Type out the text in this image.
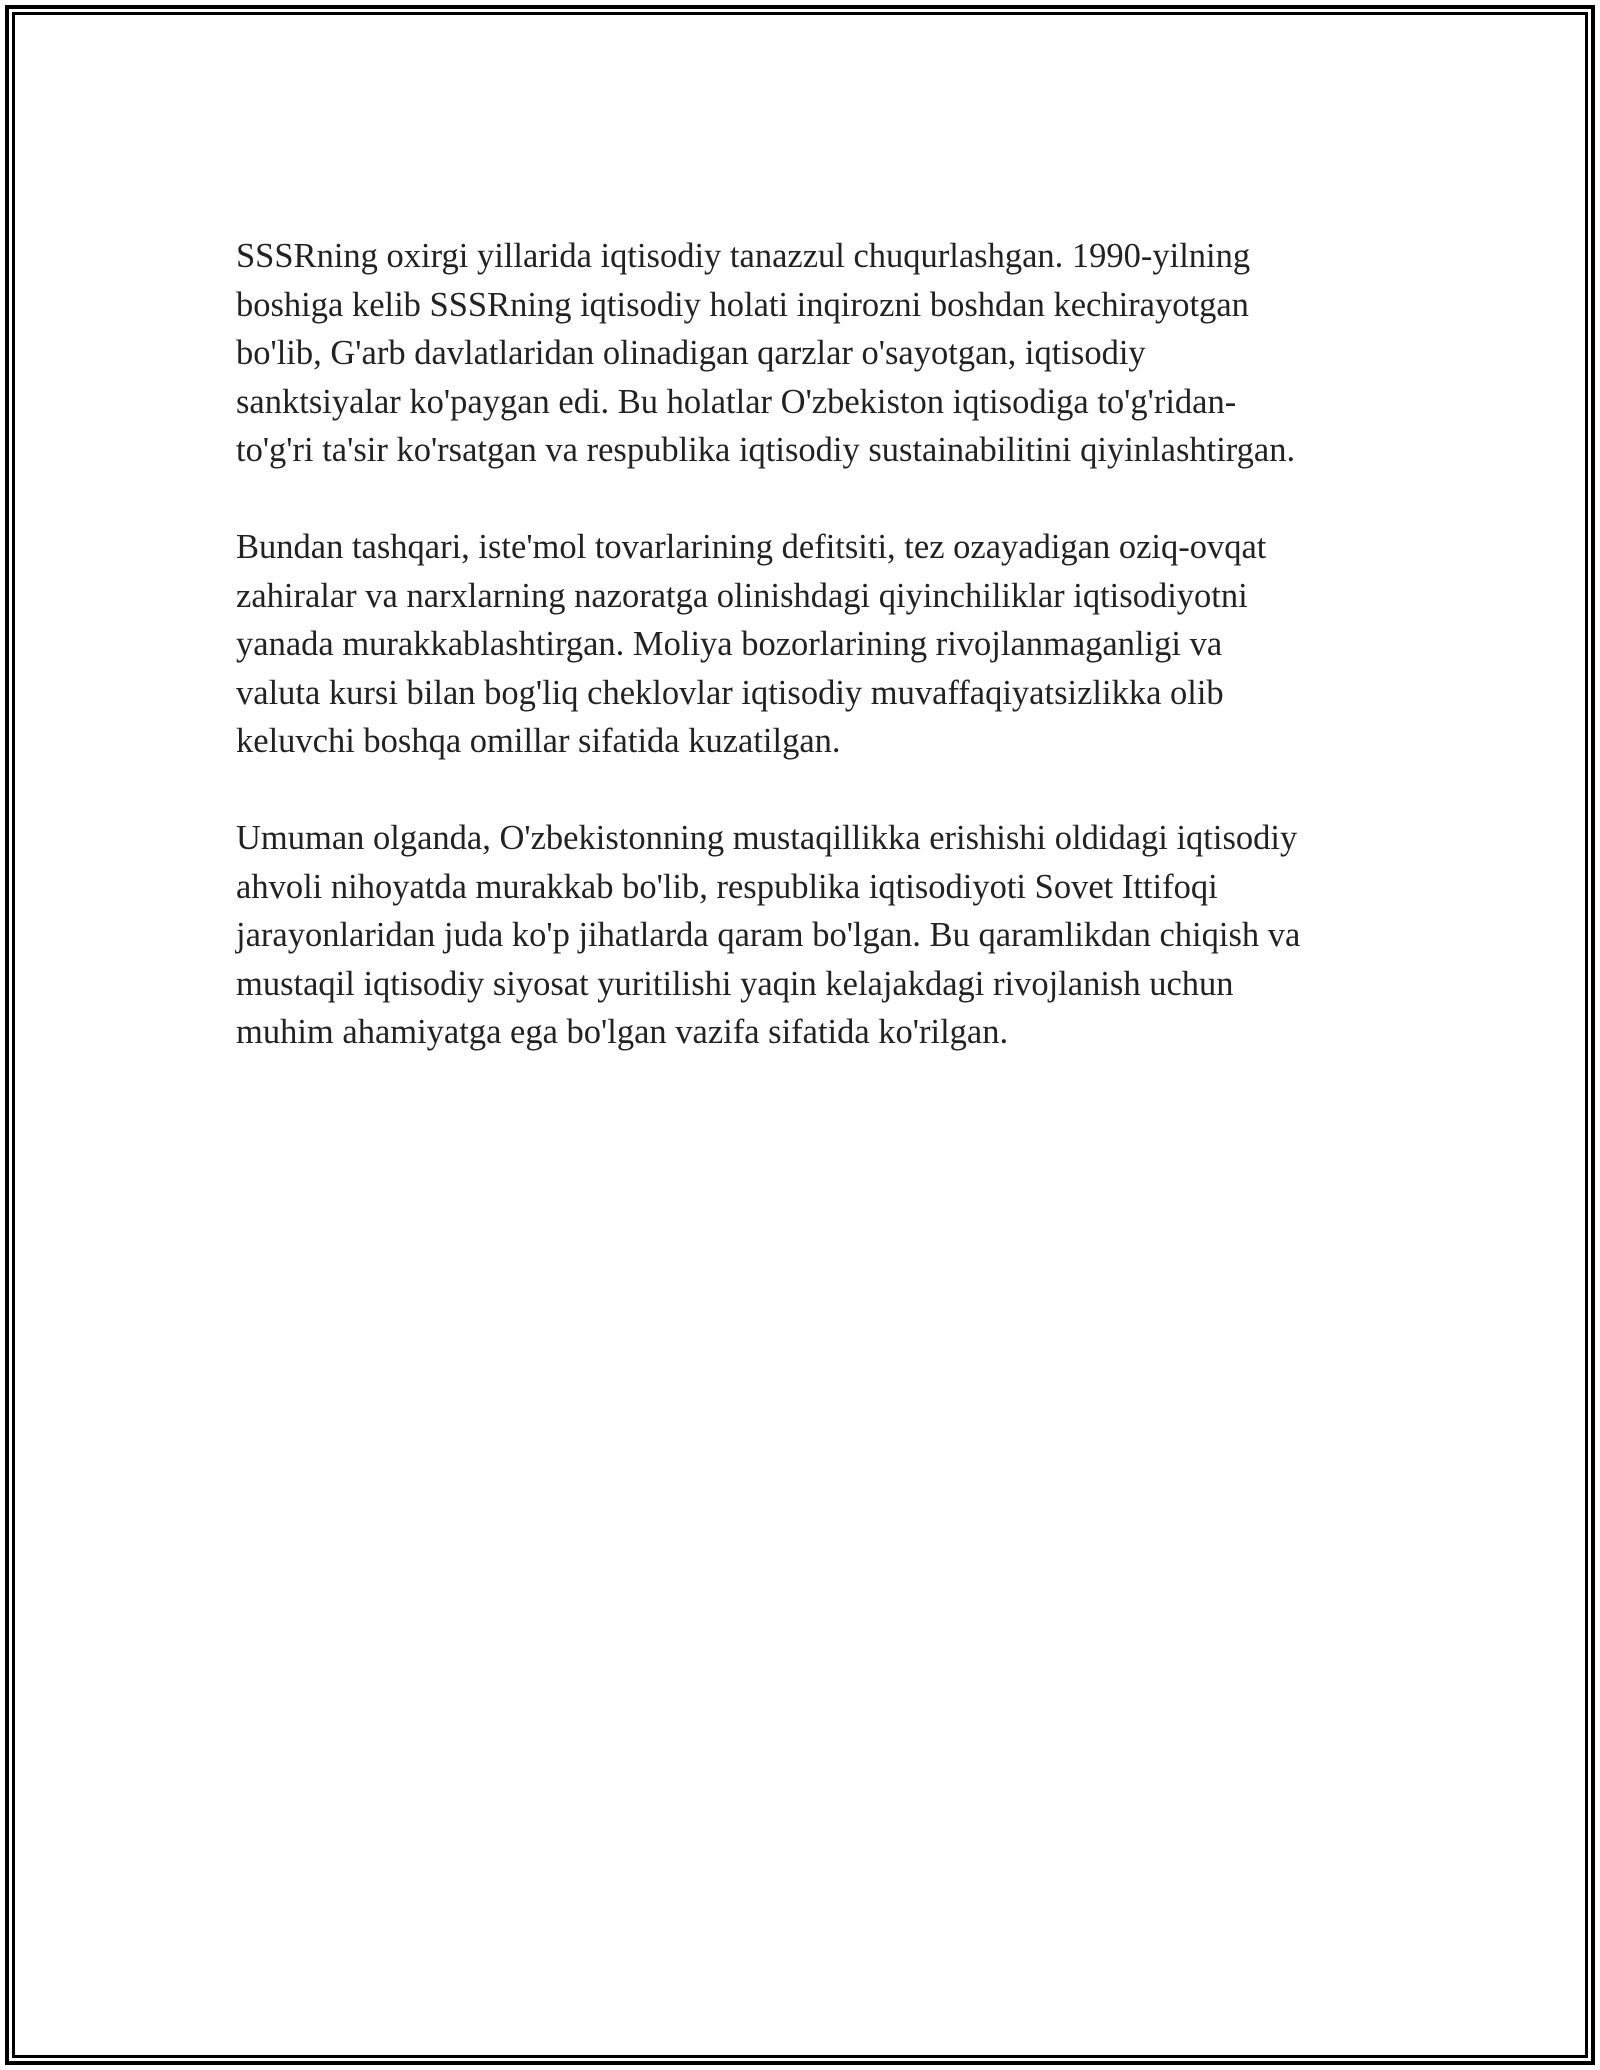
SSSRning oxirgi yillarida iqtisodiy tanazzul chuqurlashgan. 1990-yilning
boshiga kelib SSSRning iqtisodiy holati inqirozni boshdan kechirayotgan
bo'lib, G'arb davlatlaridan olinadigan qarzlar o'sayotgan, iqtisodiy
sanktsiyalar ko'paygan edi. Bu holatlar O'zbekiston iqtisodiga to'g'ridan-
to'g'ri ta'sir ko'rsatgan va respublika iqtisodiy sustainabilitini qiyinlashtirgan.

Bundan tashqari, iste'mol tovarlarining defitsiti, tez ozayadigan oziq-ovqat
zahiralar va narxlarning nazoratga olinishdagi qiyinchiliklar iqtisodiyotni
yanada murakkablashtirgan. Moliya bozorlarining rivojlanmaganligi va
valuta kursi bilan bog'liq cheklovlar iqtisodiy muvaffaqiyatsizlikka olib
keluvchi boshqa omillar sifatida kuzatilgan.

Umuman olganda, O'zbekistonning mustaqillikka erishishi oldidagi iqtisodiy
ahvoli nihoyatda murakkab bo'lib, respublika iqtisodiyoti Sovet Ittifoqi
jarayonlaridan juda ko'p jihatlarda qaram bo'lgan. Bu qaramlikdan chiqish va
mustaqil iqtisodiy siyosat yuritilishi yaqin kelajakdagi rivojlanish uchun
muhim ahamiyatga ega bo'lgan vazifa sifatida ko'rilgan.
